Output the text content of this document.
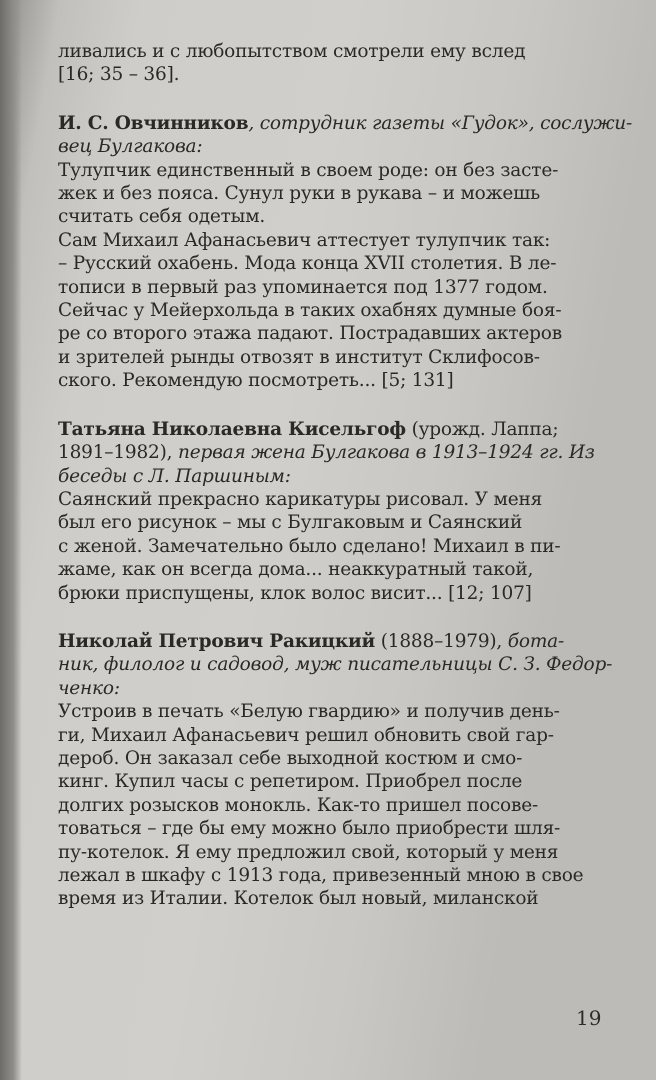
ливались и с любопытством смотрели ему вслед
[16; 35 – 36].
И. С. Овчинников, сотрудник газеты «Гудок», сослужи-
вец Булгакова:
Тулупчик единственный в своем роде: он без засте-
жек и без пояса. Сунул руки в рукава – и можешь
считать себя одетым.
Сам Михаил Афанасьевич аттестует тулупчик так:
– Русский охабень. Мода конца XVII столетия. В ле-
тописи в первый раз упоминается под 1377 годом.
Сейчас у Мейерхольда в таких охабнях думные боя-
ре со второго этажа падают. Пострадавших актеров
и зрителей рынды отвозят в институт Склифосов-
ского. Рекомендую посмотреть... [5; 131]
Татьяна Николаевна Кисельгоф (урожд. Лаппа;
1891–1982), первая жена Булгакова в 1913–1924 гг. Из
беседы с Л. Паршиным:
Саянский прекрасно карикатуры рисовал. У меня
был его рисунок – мы с Булгаковым и Саянский
с женой. Замечательно было сделано! Михаил в пи-
жаме, как он всегда дома... неаккуратный такой,
брюки приспущены, клок волос висит... [12; 107]
Николай Петрович Ракицкий (1888–1979), бота-
ник, филолог и садовод, муж писательницы С. З. Федор-
ченко:
Устроив в печать «Белую гвардию» и получив день-
ги, Михаил Афанасьевич решил обновить свой гар-
дероб. Он заказал себе выходной костюм и смо-
кинг. Купил часы с репетиром. Приобрел после
долгих розысков монокль. Как-то пришел посове-
товаться – где бы ему можно было приобрести шля-
пу-котелок. Я ему предложил свой, который у меня
лежал в шкафу с 1913 года, привезенный мною в свое
время из Италии. Котелок был новый, миланской
19
